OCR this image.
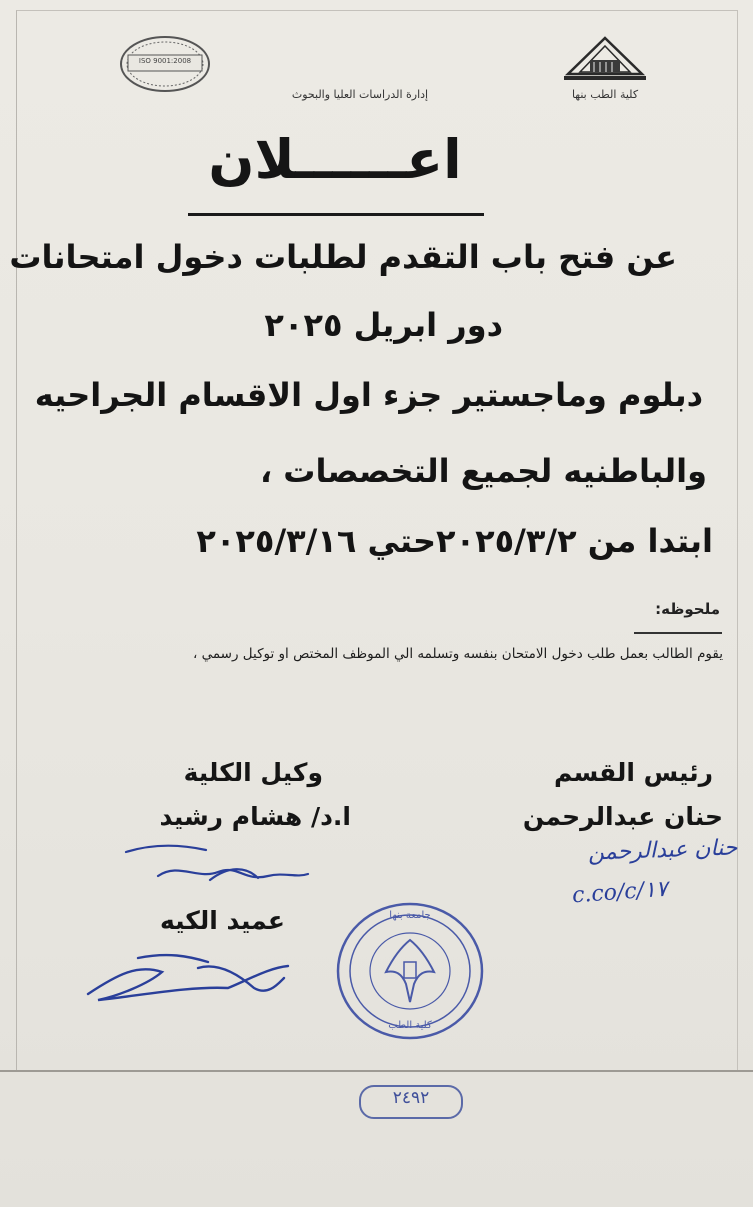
كلية الطب بنها
إدارة الدراسات العليا والبحوث
ISO 9001:2008
اعــــــلان
عن فتح باب التقدم لطلبات دخول امتحانات
دور ابريل ٢٠٢٥
دبلوم وماجستير جزء اول الاقسام الجراحيه
والباطنيه لجميع التخصصات ،
ابتدا من ٢٠٢٥/٣/٢حتي ٢٠٢٥/٣/١٦
ملحوظه:
يقوم الطالب بعمل طلب دخول الامتحان بنفسه وتسلمه الي الموظف المختص او توكيل رسمي ،
رئيس القسم
حنان عبدالرحمن
حنان عبدالرحمن
c.co/c/١٧
وكيل الكلية
ا.د/ هشام رشيد
عميد الكيه	جامعة بنها
كلية الطب
٢٤٩٢
